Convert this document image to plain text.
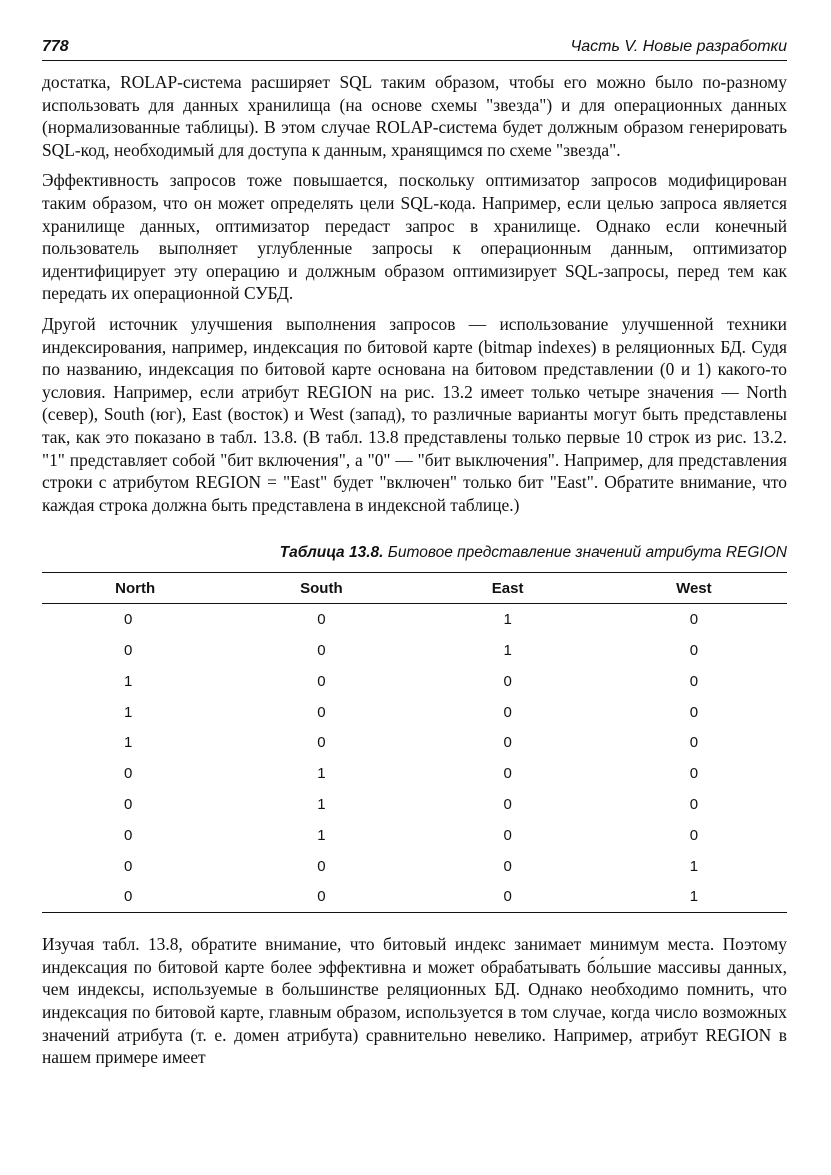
778	Часть V. Новые разработки

достатка, ROLAP-система расширяет SQL таким образом, чтобы его можно было по-разному использовать для данных хранилища (на основе схемы "звезда") и для операционных данных (нормализованные таблицы). В этом случае ROLAP-система будет должным образом генерировать SQL-код, необходимый для доступа к данным, хранящимся по схеме "звезда".

Эффективность запросов тоже повышается, поскольку оптимизатор запросов модифицирован таким образом, что он может определять цели SQL-кода. Например, если целью запроса является хранилище данных, оптимизатор передаст запрос в хранилище. Однако если конечный пользователь выполняет углубленные запросы к операционным данным, оптимизатор идентифицирует эту операцию и должным образом оптимизирует SQL-запросы, перед тем как передать их операционной СУБД.

Другой источник улучшения выполнения запросов — использование улучшенной техники индексирования, например, индексация по битовой карте (bitmap indexes) в реляционных БД. Судя по названию, индексация по битовой карте основана на битовом представлении (0 и 1) какого-то условия. Например, если атрибут REGION на рис. 13.2 имеет только четыре значения — North (север), South (юг), East (восток) и West (запад), то различные варианты могут быть представлены так, как это показано в табл. 13.8. (В табл. 13.8 представлены только первые 10 строк из рис. 13.2. "1" представляет собой "бит включения", а "0" — "бит выключения". Например, для представления строки с атрибутом REGION = "East" будет "включен" только бит "East". Обратите внимание, что каждая строка должна быть представлена в индексной таблице.)

Таблица 13.8. Битовое представление значений атрибута REGION
North	South	East	West
0	0	1	0
0	0	1	0
1	0	0	0
1	0	0	0
1	0	0	0
0	1	0	0
0	1	0	0
0	1	0	0
0	0	0	1
0	0	0	1

Изучая табл. 13.8, обратите внимание, что битовый индекс занимает минимум места. Поэтому индексация по битовой карте более эффективна и может обрабатывать бо́льшие массивы данных, чем индексы, используемые в большинстве реляционных БД. Однако необходимо помнить, что индексация по битовой карте, главным образом, используется в том случае, когда число возможных значений атрибута (т. е. домен атрибута) сравнительно невелико. Например, атрибут REGION в нашем примере имеет
